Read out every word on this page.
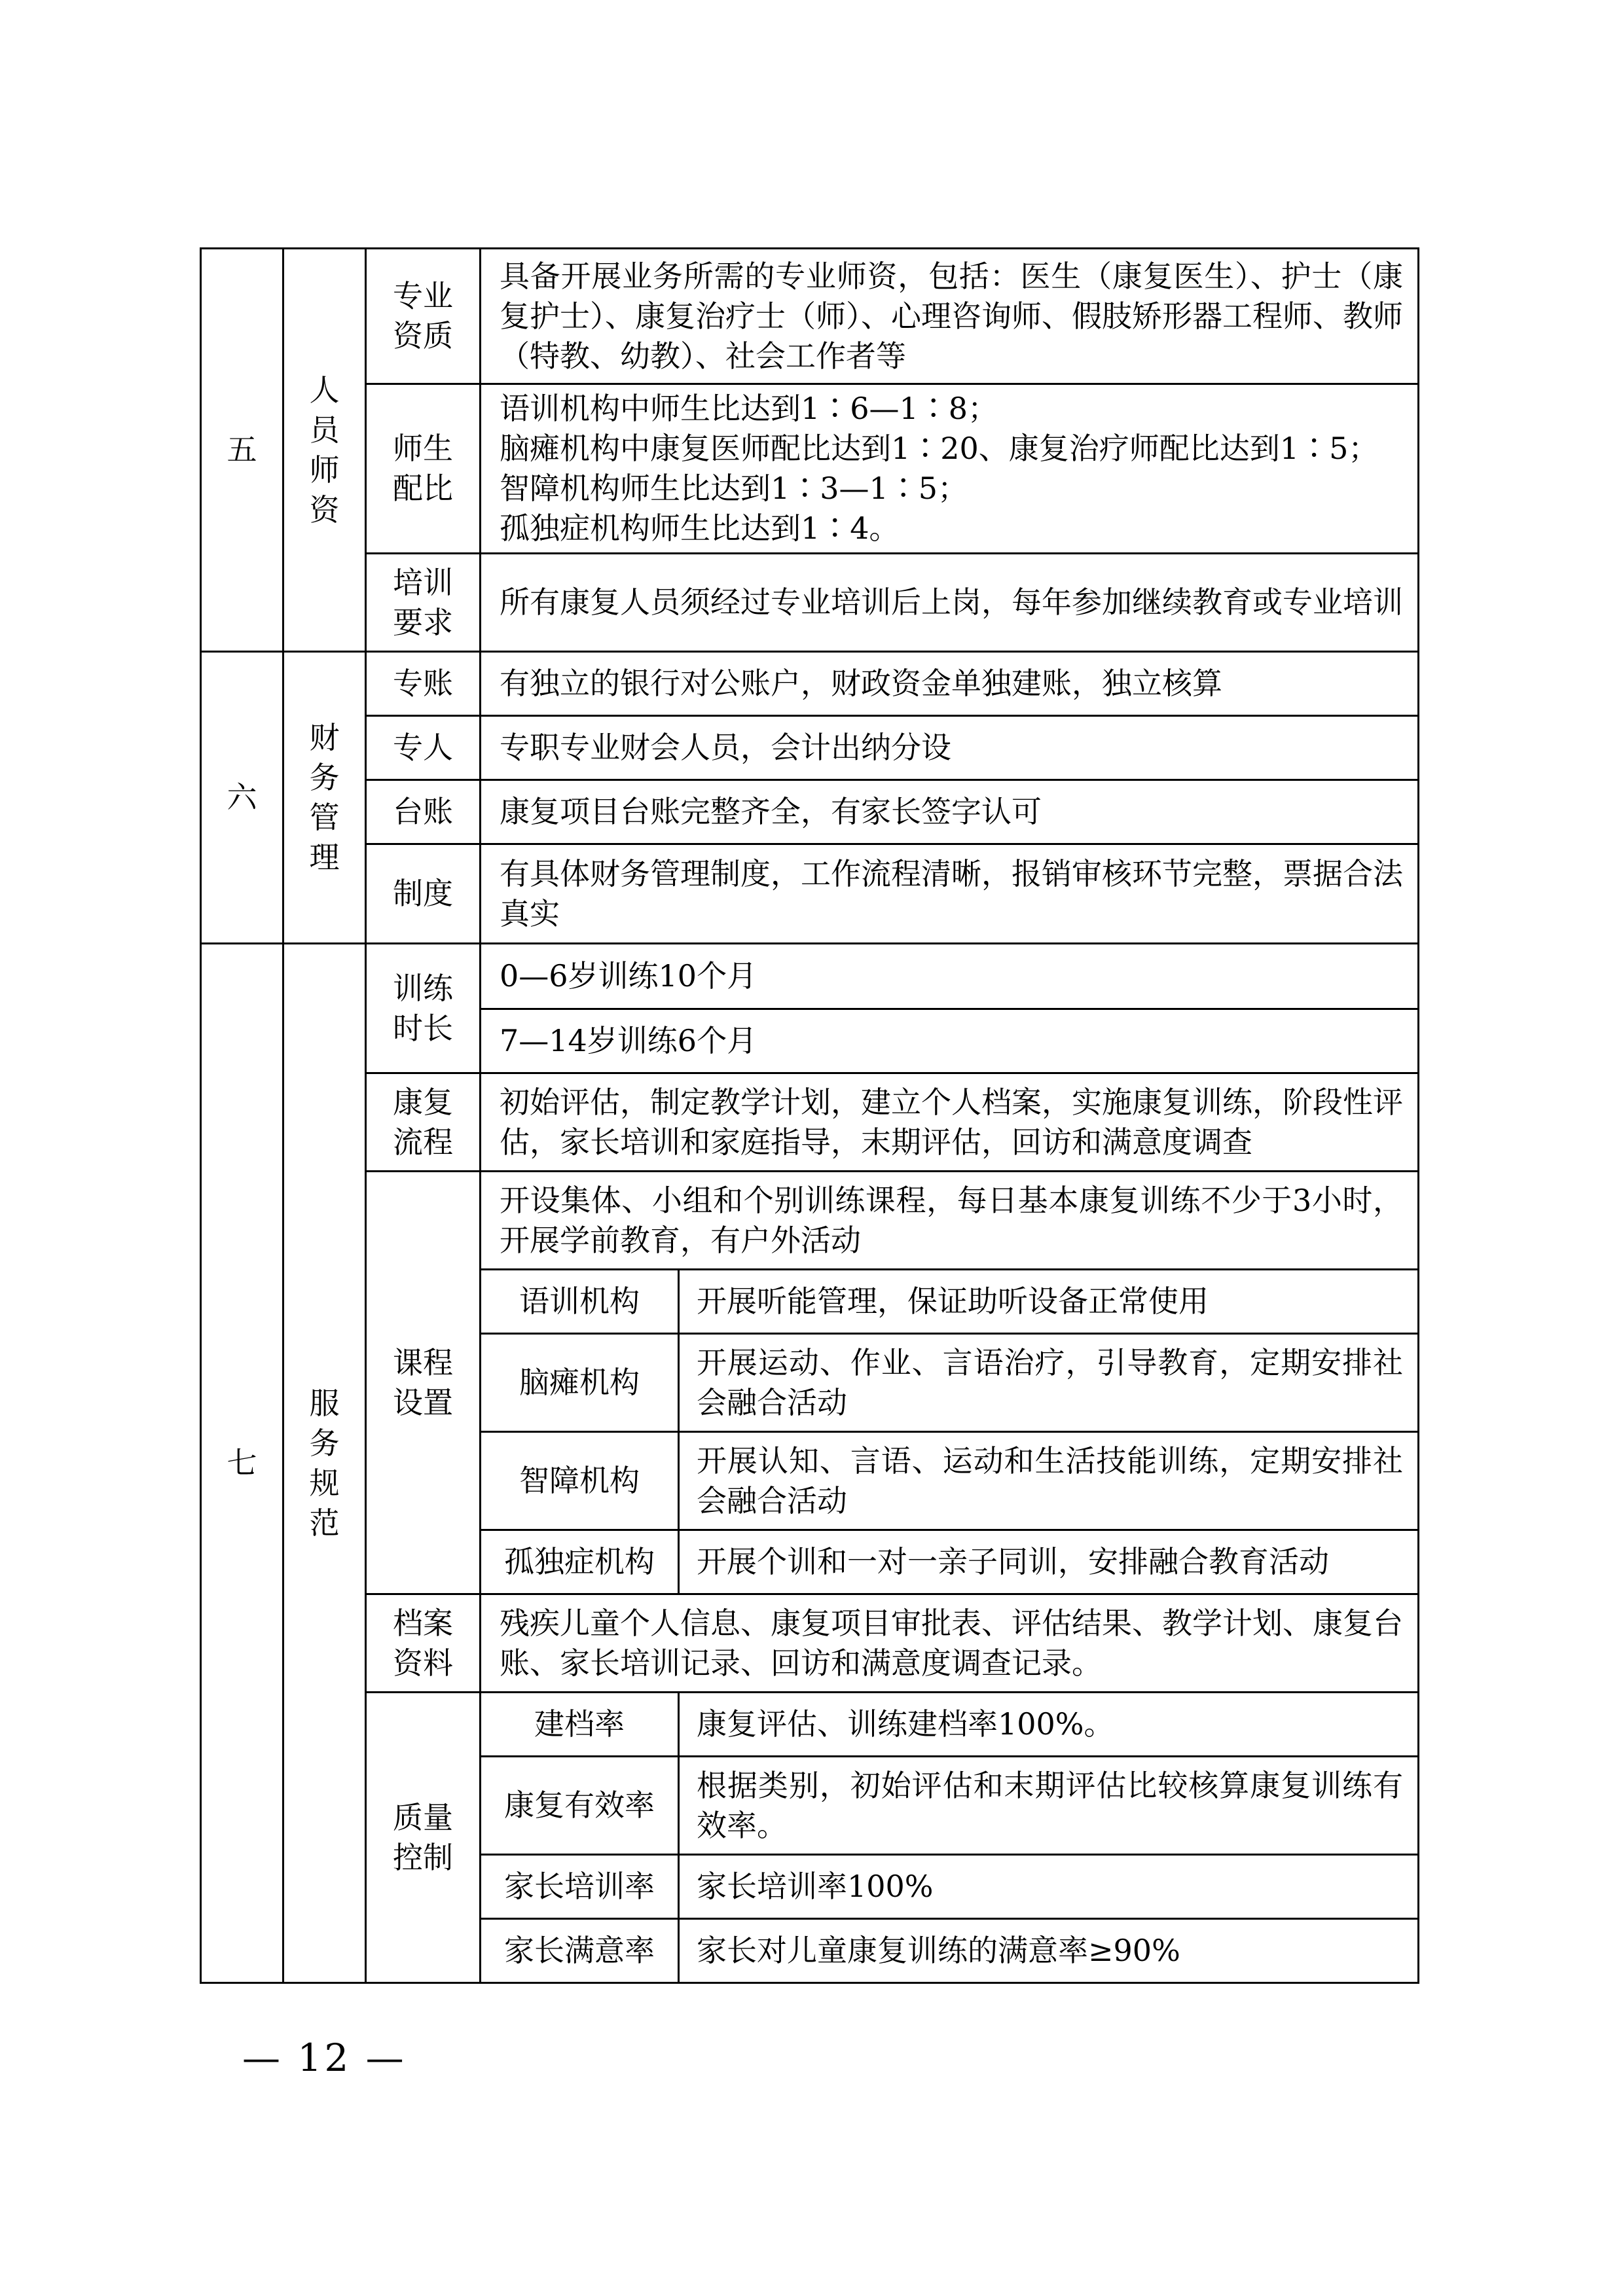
五	人员师资	专业资质	具备开展业务所需的专业师资，包括：医生（康复医生）、护士（康复护士）、康复治疗士（师）、心理咨询师、假肢矫形器工程师、教师（特教、幼教）、社会工作者等	
		师生配比	语训机构中师生比达到1∶6—1∶8；
脑瘫机构中康复医师配比达到1∶20、康复治疗师配比达到1∶5；
智障机构师生比达到1∶3—1∶5；
孤独症机构师生比达到1∶4。	

		培训要求	所有康复人员须经过专业培训后上岗，每年参加继续教育或专业培训	
六	财务管理	专账	有独立的银行对公账户，财政资金单独建账，独立核算	
		专人	专职专业财会人员，会计出纳分设	
		台账	康复项目台账完整齐全，有家长签字认可	
		制度	有具体财务管理制度，工作流程清晰，报销审核环节完整，票据合法真实	
七	服务规范	训练时长	0—6岁训练10个月	
			7—14岁训练6个月	
		康复流程	初始评估，制定教学计划，建立个人档案，实施康复训练，阶段性评估，家长培训和家庭指导，末期评估，回访和满意度调查	
		课程设置	开设集体、小组和个别训练课程，每日基本康复训练不少于3小时，开展学前教育，有户外活动	
			语训机构	开展听能管理，保证助听设备正常使用
			脑瘫机构	开展运动、作业、言语治疗，引导教育，定期安排社会融合活动
			智障机构	开展认知、言语、运动和生活技能训练，定期安排社会融合活动
			孤独症机构	开展个训和一对一亲子同训，安排融合教育活动
		档案资料	残疾儿童个人信息、康复项目审批表、评估结果、教学计划、康复台账、家长培训记录、回访和满意度调查记录。	
		质量控制	建档率	康复评估、训练建档率100%。
			康复有效率	根据类别，初始评估和末期评估比较核算康复训练有效率。
			家长培训率	家长培训率100%
			家长满意率	家长对儿童康复训练的满意率≥90%
— 12 —
